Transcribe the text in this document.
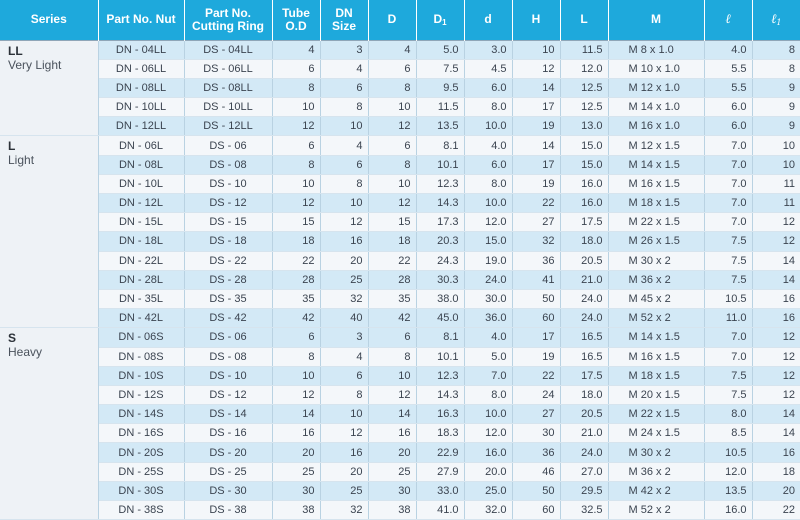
Series	Part No. Nut	Part No. Cutting Ring	Tube O.D	DN Size	D	$D_1$	d	H	L	M	ℓ	ℓ$_1$

LL
Very Light	DN - 04LL	DS - 04LL	4	3	4	5.0	3.0	10	11.5	M 8 x 1.0	4.0	8
	DN - 06LL	DS - 06LL	6	4	6	7.5	4.5	12	12.0	M 10 x 1.0	5.5	8
	DN - 08LL	DS - 08LL	8	6	8	9.5	6.0	14	12.5	M 12 x 1.0	5.5	9
	DN - 10LL	DS - 10LL	10	8	10	11.5	8.0	17	12.5	M 14 x 1.0	6.0	9
	DN - 12LL	DS - 12LL	12	10	12	13.5	10.0	19	13.0	M 16 x 1.0	6.0	9

L
Light	DN - 06L	DS - 06	6	4	6	8.1	4.0	14	15.0	M 12 x 1.5	7.0	10
	DN - 08L	DS - 08	8	6	8	10.1	6.0	17	15.0	M 14 x 1.5	7.0	10
	DN - 10L	DS - 10	10	8	10	12.3	8.0	19	16.0	M 16 x 1.5	7.0	11
	DN - 12L	DS - 12	12	10	12	14.3	10.0	22	16.0	M 18 x 1.5	7.0	11
	DN - 15L	DS - 15	15	12	15	17.3	12.0	27	17.5	M 22 x 1.5	7.0	12
	DN - 18L	DS - 18	18	16	18	20.3	15.0	32	18.0	M 26 x 1.5	7.5	12
	DN - 22L	DS - 22	22	20	22	24.3	19.0	36	20.5	M 30 x 2	7.5	14
	DN - 28L	DS - 28	28	25	28	30.3	24.0	41	21.0	M 36 x 2	7.5	14
	DN - 35L	DS - 35	35	32	35	38.0	30.0	50	24.0	M 45 x 2	10.5	16
	DN - 42L	DS - 42	42	40	42	45.0	36.0	60	24.0	M 52 x 2	11.0	16

S
Heavy	DN - 06S	DS - 06	6	3	6	8.1	4.0	17	16.5	M 14 x 1.5	7.0	12
	DN - 08S	DS - 08	8	4	8	10.1	5.0	19	16.5	M 16 x 1.5	7.0	12
	DN - 10S	DS - 10	10	6	10	12.3	7.0	22	17.5	M 18 x 1.5	7.5	12
	DN - 12S	DS - 12	12	8	12	14.3	8.0	24	18.0	M 20 x 1.5	7.5	12
	DN - 14S	DS - 14	14	10	14	16.3	10.0	27	20.5	M 22 x 1.5	8.0	14
	DN - 16S	DS - 16	16	12	16	18.3	12.0	30	21.0	M 24 x 1.5	8.5	14
	DN - 20S	DS - 20	20	16	20	22.9	16.0	36	24.0	M 30 x 2	10.5	16
	DN - 25S	DS - 25	25	20	25	27.9	20.0	46	27.0	M 36 x 2	12.0	18
	DN - 30S	DS - 30	30	25	30	33.0	25.0	50	29.5	M 42 x 2	13.5	20
	DN - 38S	DS - 38	38	32	38	41.0	32.0	60	32.5	M 52 x 2	16.0	22
